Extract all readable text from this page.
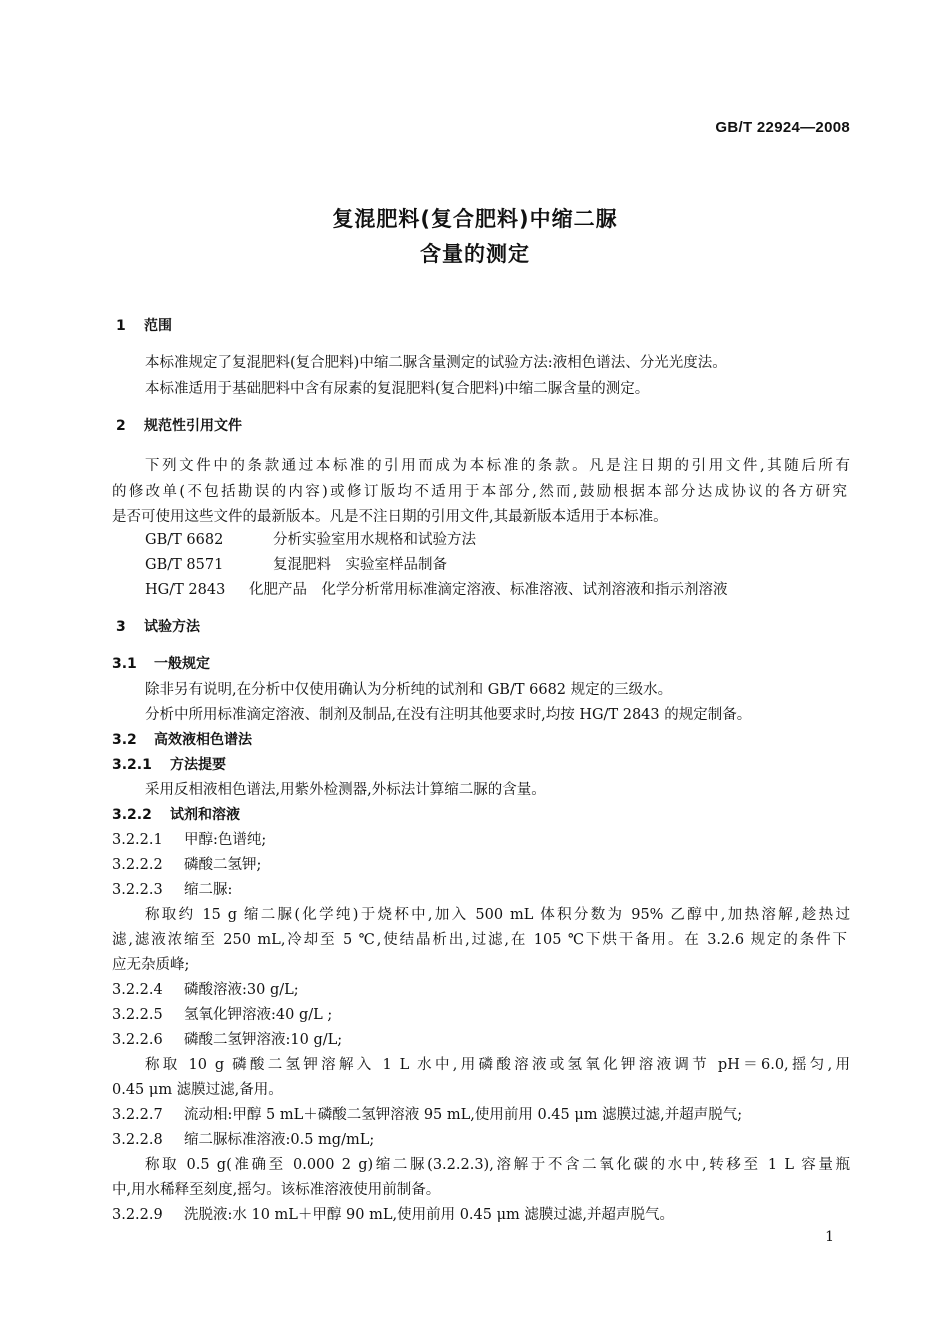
GB/T 22924—2008
复混肥料(复合肥料)中缩二脲
含量的测定
1 范围
本标准规定了复混肥料(复合肥料)中缩二脲含量测定的试验方法:液相色谱法、分光光度法。
本标准适用于基础肥料中含有尿素的复混肥料(复合肥料)中缩二脲含量的测定。
2 规范性引用文件
下列文件中的条款通过本标准的引用而成为本标准的条款。凡是注日期的引用文件,其随后所有
的修改单(不包括勘误的内容)或修订版均不适用于本部分,然而,鼓励根据本部分达成协议的各方研究
是否可使用这些文件的最新版本。凡是不注日期的引用文件,其最新版本适用于本标准。
GB/T 6682	分析实验室用水规格和试验方法
GB/T 8571	复混肥料　实验室样品制备
HG/T 2843 化肥产品　化学分析常用标准滴定溶液、标准溶液、试剂溶液和指示剂溶液
3 试验方法
3.1 一般规定
除非另有说明,在分析中仅使用确认为分析纯的试剂和 GB/T 6682 规定的三级水。
分析中所用标准滴定溶液、制剂及制品,在没有注明其他要求时,均按 HG/T 2843 的规定制备。
3.2 高效液相色谱法
3.2.1 方法提要
采用反相液相色谱法,用紫外检测器,外标法计算缩二脲的含量。
3.2.2 试剂和溶液
3.2.2.1 甲醇:色谱纯;
3.2.2.2 磷酸二氢钾;
3.2.2.3 缩二脲:
称取约 15 g 缩二脲(化学纯)于烧杯中,加入 500 mL 体积分数为 95% 乙醇中,加热溶解,趁热过
滤,滤液浓缩至 250 mL,冷却至 5 ℃,使结晶析出,过滤,在 105 ℃下烘干备用。在 3.2.6 规定的条件下
应无杂质峰;
3.2.2.4 磷酸溶液:30 g/L;
3.2.2.5 氢氧化钾溶液:40 g/L ;
3.2.2.6 磷酸二氢钾溶液:10 g/L;
称取 10 g 磷酸二氢钾溶解入 1 L 水中,用磷酸溶液或氢氧化钾溶液调节 pH＝6.0,摇匀,用
0.45 μm 滤膜过滤,备用。
3.2.2.7 流动相:甲醇 5 mL＋磷酸二氢钾溶液 95 mL,使用前用 0.45 μm 滤膜过滤,并超声脱气;
3.2.2.8 缩二脲标准溶液:0.5 mg/mL;
称取 0.5 g(准确至 0.000 2 g)缩二脲(3.2.2.3),溶解于不含二氧化碳的水中,转移至 1 L 容量瓶
中,用水稀释至刻度,摇匀。该标准溶液使用前制备。
3.2.2.9 洗脱液:水 10 mL＋甲醇 90 mL,使用前用 0.45 μm 滤膜过滤,并超声脱气。
1
